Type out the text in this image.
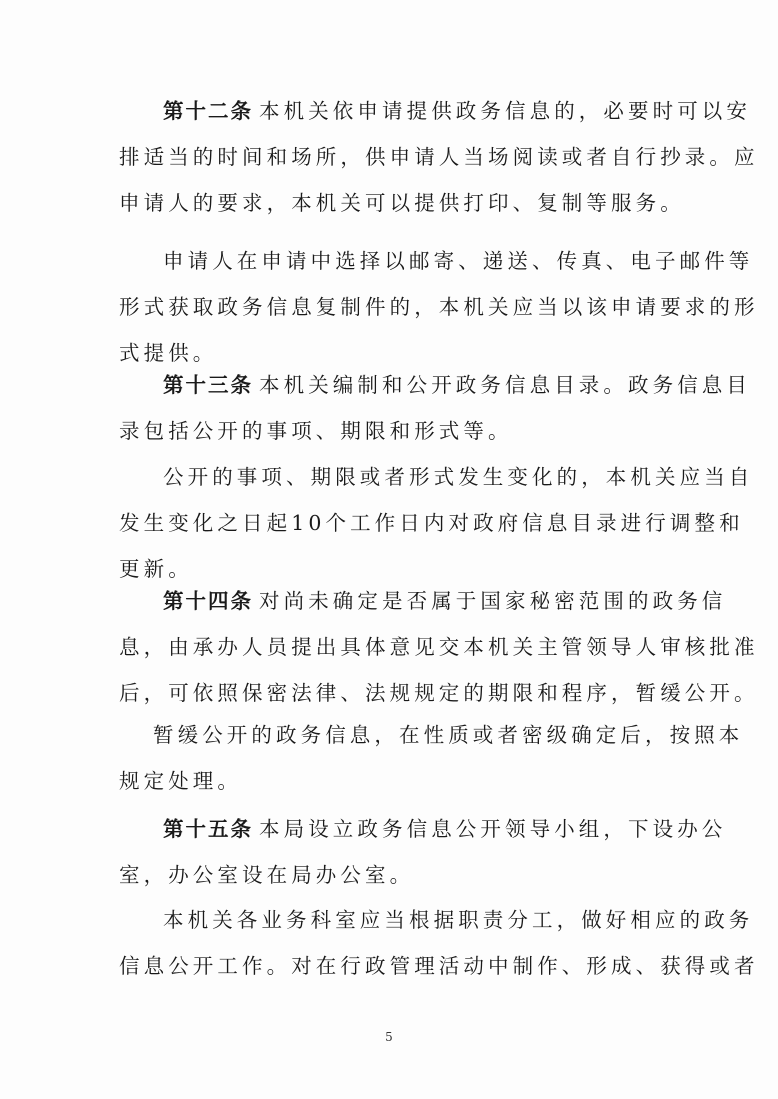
第十二条 本机关依申请提供政务信息的，必要时可以安
排适当的时间和场所，供申请人当场阅读或者自行抄录。应
申请人的要求，本机关可以提供打印、复制等服务。
申请人在申请中选择以邮寄、递送、传真、电子邮件等
形式获取政务信息复制件的，本机关应当以该申请要求的形
式提供。
第十三条 本机关编制和公开政务信息目录。政务信息目
录包括公开的事项、期限和形式等。
公开的事项、期限或者形式发生变化的，本机关应当自
发生变化之日起10个工作日内对政府信息目录进行调整和
更新。
第十四条 对尚未确定是否属于国家秘密范围的政务信
息，由承办人员提出具体意见交本机关主管领导人审核批准
后，可依照保密法律、法规规定的期限和程序，暂缓公开。
暂缓公开的政务信息，在性质或者密级确定后，按照本
规定处理。
第十五条 本局设立政务信息公开领导小组，下设办公
室，办公室设在局办公室。
本机关各业务科室应当根据职责分工，做好相应的政务
信息公开工作。对在行政管理活动中制作、形成、获得或者
5
